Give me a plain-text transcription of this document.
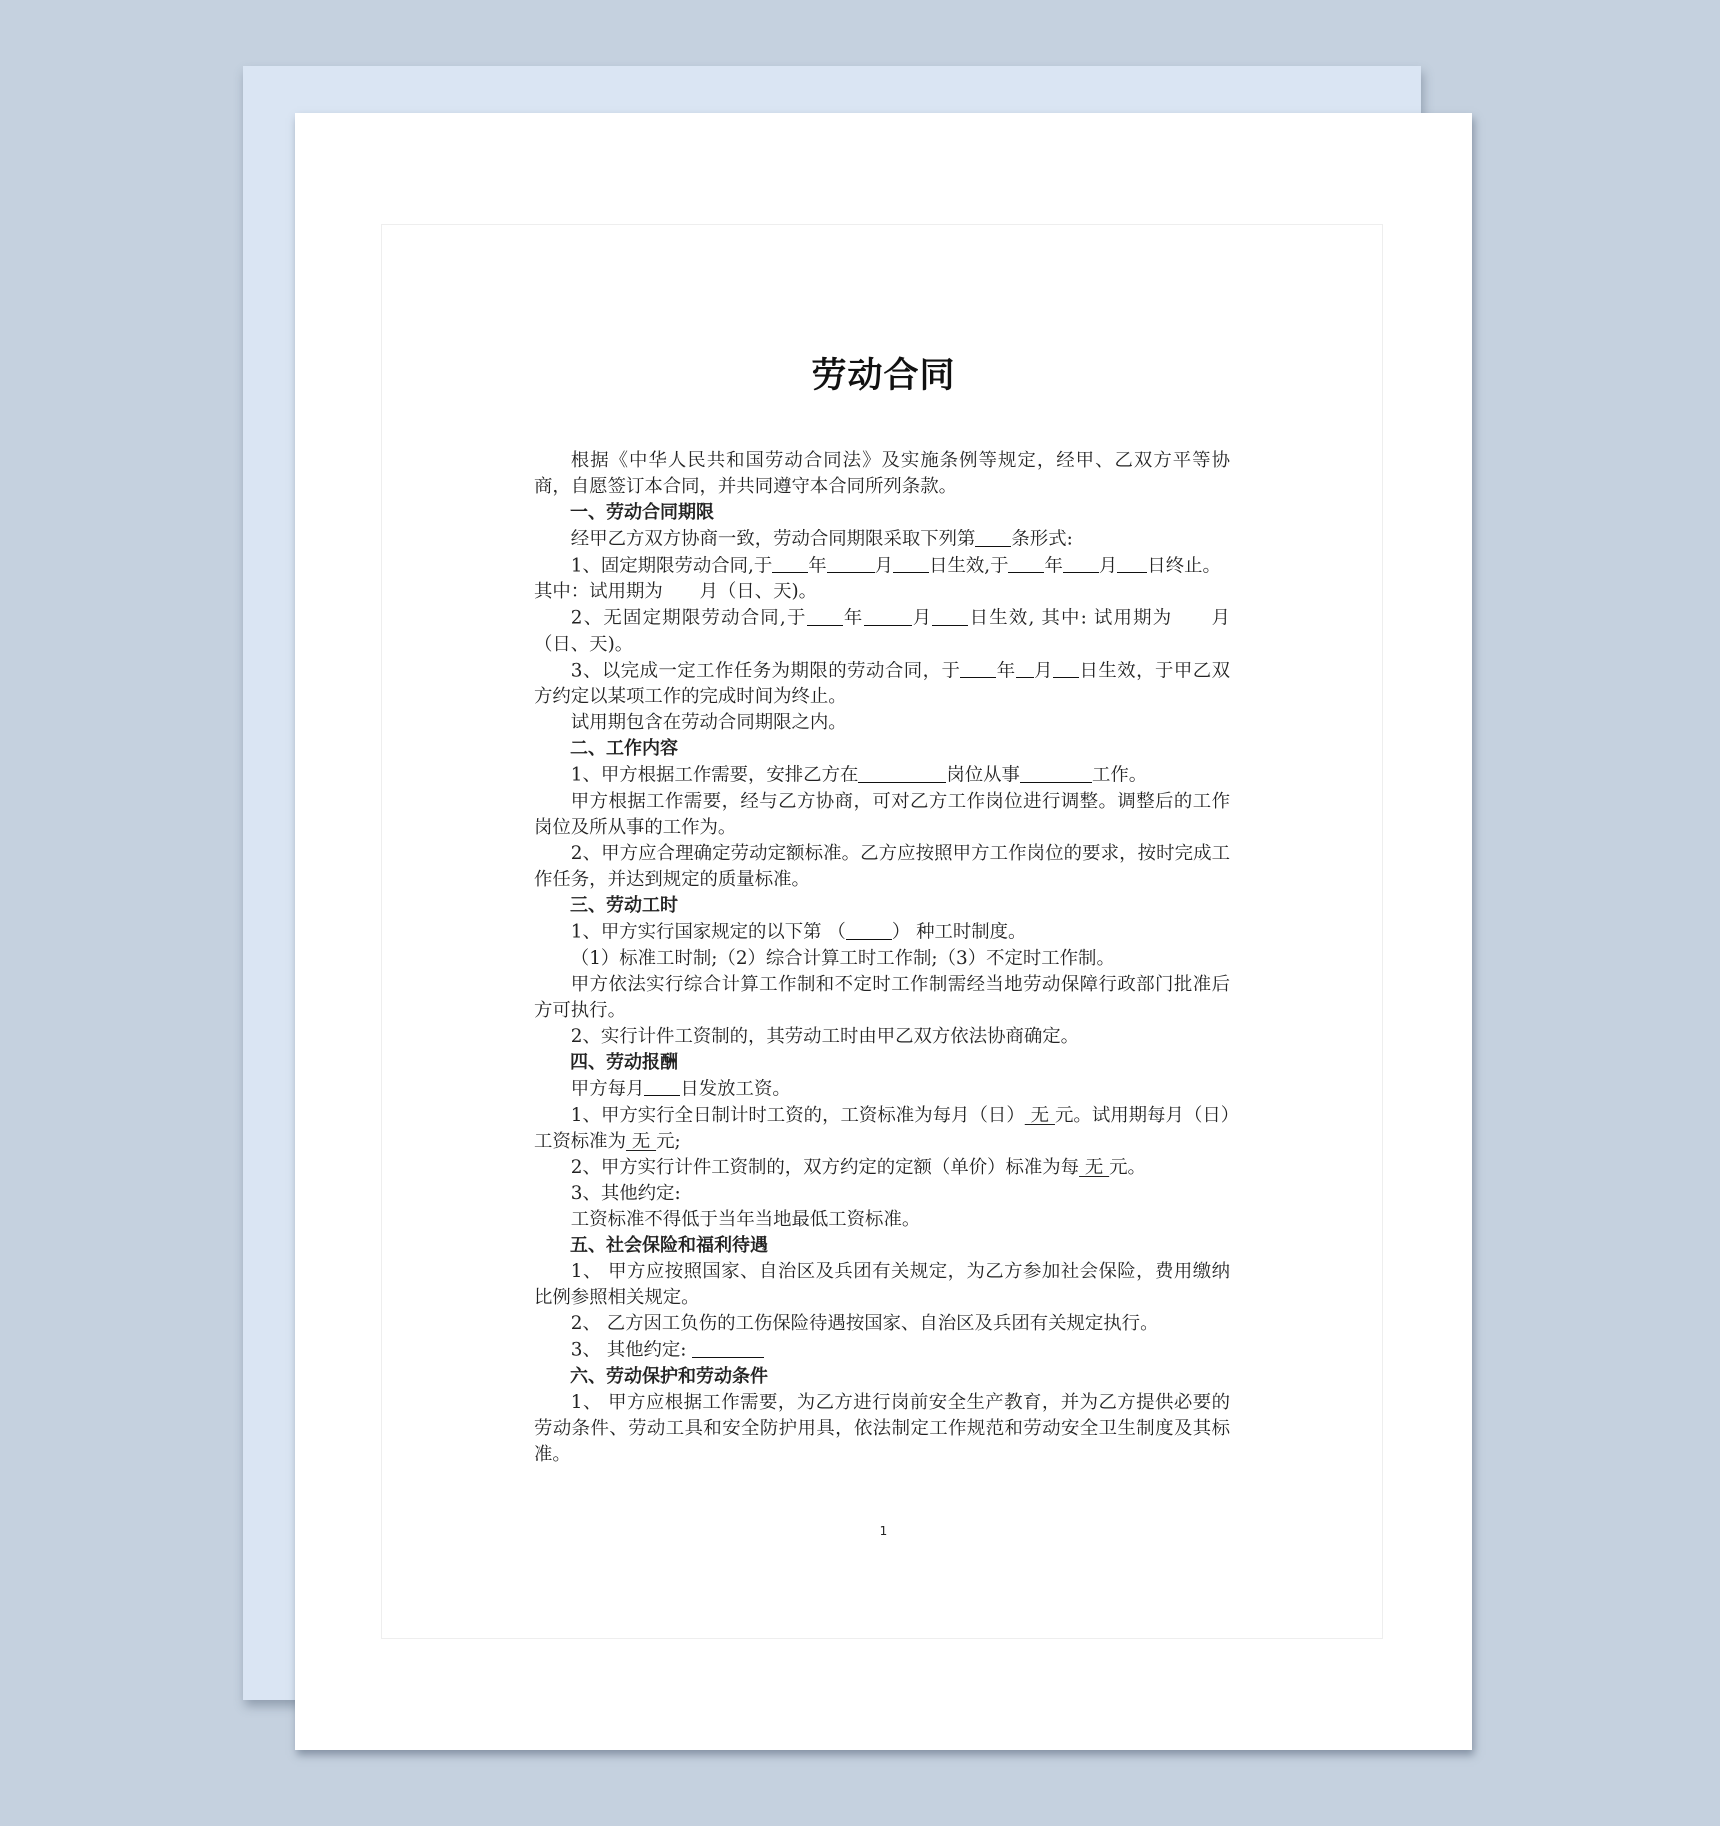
劳动合同

根据《中华人民共和国劳动合同法》及实施条例等规定，经甲、乙双方平等协商，自愿签订本合同，并共同遵守本合同所列条款。

一、劳动合同期限

经甲乙方双方协商一致，劳动合同期限采取下列第 条形式:

1、固定期限劳动合同,于 年	月 日生效,于 年 月 日终止。

其中：试用期为　　月（日、天)。

2、无固定期限劳动合同,于 年	月 日生效, 其中: 试用期为　　月（日、天)。

3、以完成一定工作任务为期限的劳动合同，于 年 月 日生效，于甲乙双方约定以某项工作的完成时间为终止。

试用期包含在劳动合同期限之内。

二、工作内容

1、甲方根据工作需要，安排乙方在	岗位从事	工作。

甲方根据工作需要，经与乙方协商，可对乙方工作岗位进行调整。调整后的工作岗位及所从事的工作为。

2、甲方应合理确定劳动定额标准。乙方应按照甲方工作岗位的要求，按时完成工作任务，并达到规定的质量标准。

三、劳动工时

1、甲方实行国家规定的以下第 （	） 种工时制度。

（1）标准工时制;（2）综合计算工时工作制;（3）不定时工作制。

甲方依法实行综合计算工作制和不定时工作制需经当地劳动保障行政部门批准后方可执行。

2、实行计件工资制的，其劳动工时由甲乙双方依法协商确定。

四、劳动报酬

甲方每月 日发放工资。

1、甲方实行全日制计时工资的，工资标准为每月（日） 无 元。试用期每月（日）工资标准为 无 元;

2、甲方实行计件工资制的，双方约定的定额（单价）标准为每 无 元。

3、其他约定:

工资标准不得低于当年当地最低工资标准。

五、社会保险和福利待遇

1、 甲方应按照国家、自治区及兵团有关规定，为乙方参加社会保险，费用缴纳比例参照相关规定。

2、 乙方因工负伤的工伤保险待遇按国家、自治区及兵团有关规定执行。

3、 其他约定:

六、劳动保护和劳动条件

1、 甲方应根据工作需要，为乙方进行岗前安全生产教育，并为乙方提供必要的劳动条件、劳动工具和安全防护用具，依法制定工作规范和劳动安全卫生制度及其标准。

1
